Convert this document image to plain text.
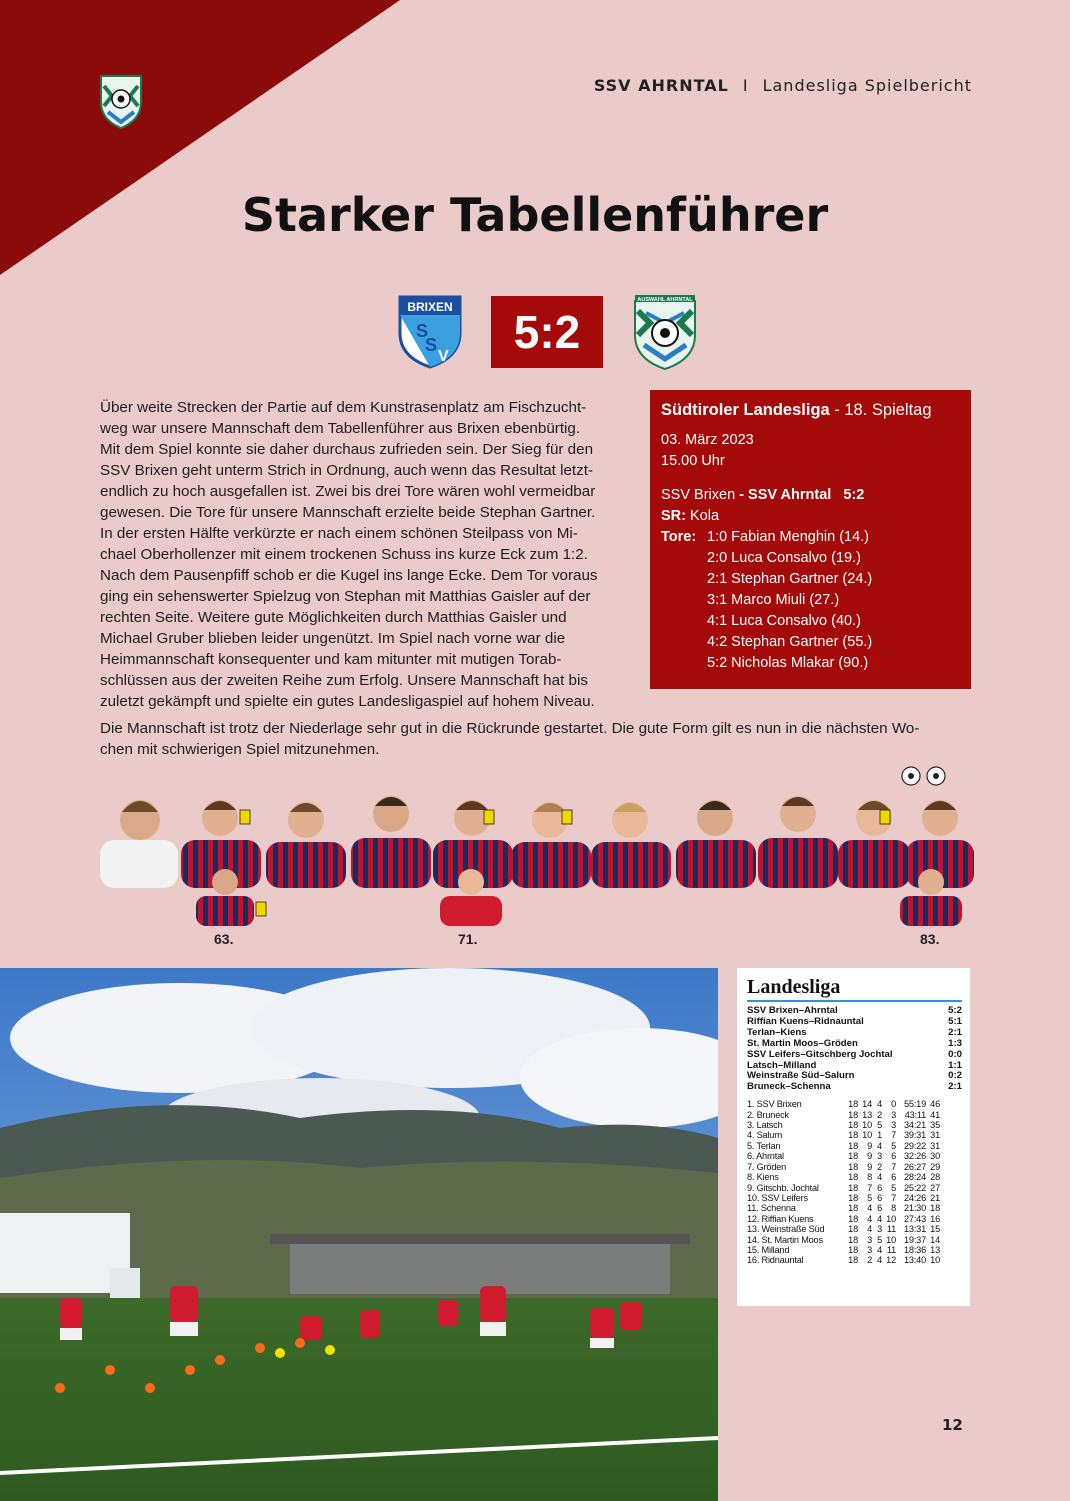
SSV AHRNTAL I Landesliga Spielbericht
Starker Tabellenführer
BRIXEN
S
S
V	5:2
AUSWAHL AHRNTAL
Über weite Strecken der Partie auf dem Kunstrasenplatz am Fischzucht-
weg war unsere Mannschaft dem Tabellenführer aus Brixen ebenbürtig.
Mit dem Spiel konnte sie daher durchaus zufrieden sein. Der Sieg für den
SSV Brixen geht unterm Strich in Ordnung, auch wenn das Resultat letzt-
endlich zu hoch ausgefallen ist. Zwei bis drei Tore wären wohl vermeidbar
gewesen. Die Tore für unsere Mannschaft erzielte beide Stephan Gartner.
In der ersten Hälfte verkürzte er nach einem schönen Steilpass von Mi-
chael Oberhollenzer mit einem trockenen Schuss ins kurze Eck zum 1:2.
Nach dem Pausenpfiff schob er die Kugel ins lange Ecke. Dem Tor voraus
ging ein sehenswerter Spielzug von Stephan mit Matthias Gaisler auf der
rechten Seite. Weitere gute Möglichkeiten durch Matthias Gaisler und
Michael Gruber blieben leider ungenützt. Im Spiel nach vorne war die
Heimmannschaft konsequenter und kam mitunter mit mutigen Torab-
schlüssen aus der zweiten Reihe zum Erfolg. Unsere Mannschaft hat bis
zuletzt gekämpft und spielte ein gutes Landesligaspiel auf hohem Niveau.
Die Mannschaft ist trotz der Niederlage sehr gut in die Rückrunde gestartet. Die gute Form gilt es nun in die nächsten Wo-
chen mit schwierigen Spiel mitzunehmen.
Südtiroler Landesliga - 18. Spieltag
03. März 2023
15.00 Uhr
SSV Brixen - SSV Ahrntal 5:2
SR: Kola
Tore: 1:0 Fabian Menghin (14.)
2:0 Luca Consalvo (19.)
2:1 Stephan Gartner (24.)
3:1 Marco Miuli (27.)
4:1 Luca Consalvo (40.)
4:2 Stephan Gartner (55.)
5:2 Nicholas Mlakar (90.)
63.	71.	83.
Landesliga
SSV Brixen–Ahrntal	5:2
Riffian Kuens–Ridnauntal	5:1
Terlan–Kiens	2:1
St. Martin Moos–Gröden	1:3
SSV Leifers–Gitschberg Jochtal	0:0
Latsch–Milland	1:1
Weinstraße Süd–Salurn	0:2
Bruneck–Schenna	2:1
1. SSV Brixen	18 14 4 0 55:19 46
2. Bruneck	18 13 2 3 43:11 41
3. Latsch	18 10 5 3 34:21 35
4. Salurn	18 10 1 7 39:31 31
5. Terlan	18 9 4 5 29:22 31
6. Ahrntal	18 9 3 6 32:26 30
7. Gröden	18 9 2 7 26:27 29
8. Kiens	18 8 4 6 28:24 28
9. Gitschb. Jochtal	18 7 6 5 25:22 27
10. SSV Leifers	18 5 6 7 24:26 21
11. Schenna	18 4 6 8 21:30 18
12. Riffian Kuens	18 4 4 10 27:43 16
13. Weinstraße Süd	18 4 3 11 13:31 15
14. St. Martin Moos	18 3 5 10 19:37 14
15. Milland	18 3 4 11 18:36 13
16. Ridnauntal	18 2 4 12 13:40 10
12
